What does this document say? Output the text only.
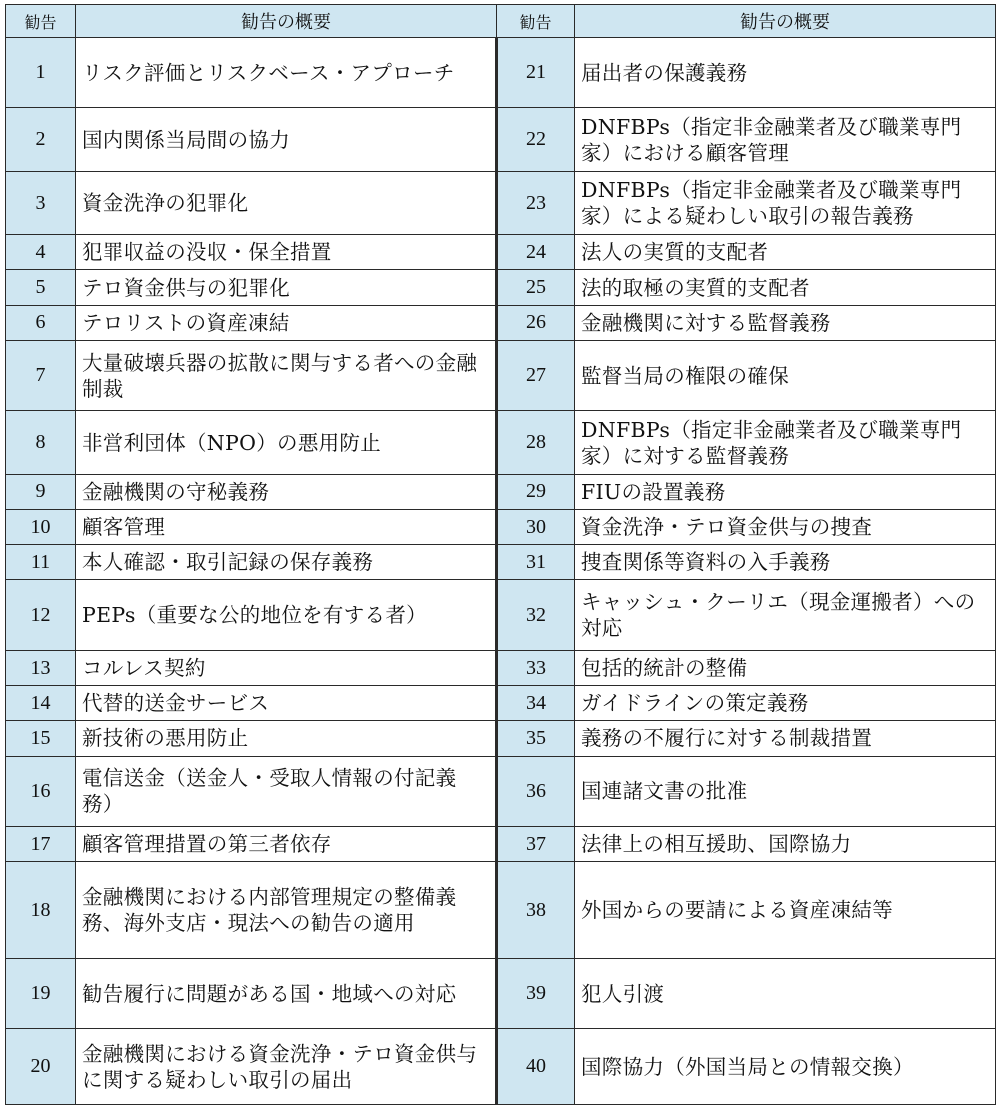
勧告	勧告の概要	勧告	勧告の概要
1	リスク評価とリスクベース・アプローチ	21	届出者の保護義務
2	国内関係当局間の協力	22	DNFBPs（指定非金融業者及び職業専門家）における顧客管理
3	資金洗浄の犯罪化	23	DNFBPs（指定非金融業者及び職業専門家）による疑わしい取引の報告義務
4	犯罪収益の没収・保全措置	24	法人の実質的支配者
5	テロ資金供与の犯罪化	25	法的取極の実質的支配者
6	テロリストの資産凍結	26	金融機関に対する監督義務
7	大量破壊兵器の拡散に関与する者への金融制裁	27	監督当局の権限の確保
8	非営利団体（NPO）の悪用防止	28	DNFBPs（指定非金融業者及び職業専門家）に対する監督義務
9	金融機関の守秘義務	29	FIUの設置義務
10	顧客管理	30	資金洗浄・テロ資金供与の捜査
11	本人確認・取引記録の保存義務	31	捜査関係等資料の入手義務
12	PEPs（重要な公的地位を有する者）	32	キャッシュ・クーリエ（現金運搬者）への対応
13	コルレス契約	33	包括的統計の整備
14	代替的送金サービス	34	ガイドラインの策定義務
15	新技術の悪用防止	35	義務の不履行に対する制裁措置
16	電信送金（送金人・受取人情報の付記義務）	36	国連諸文書の批准
17	顧客管理措置の第三者依存	37	法律上の相互援助、国際協力
18	金融機関における内部管理規定の整備義務、海外支店・現法への勧告の適用	38	外国からの要請による資産凍結等
19	勧告履行に問題がある国・地域への対応	39	犯人引渡
20	金融機関における資金洗浄・テロ資金供与に関する疑わしい取引の届出	40	国際協力（外国当局との情報交換）
